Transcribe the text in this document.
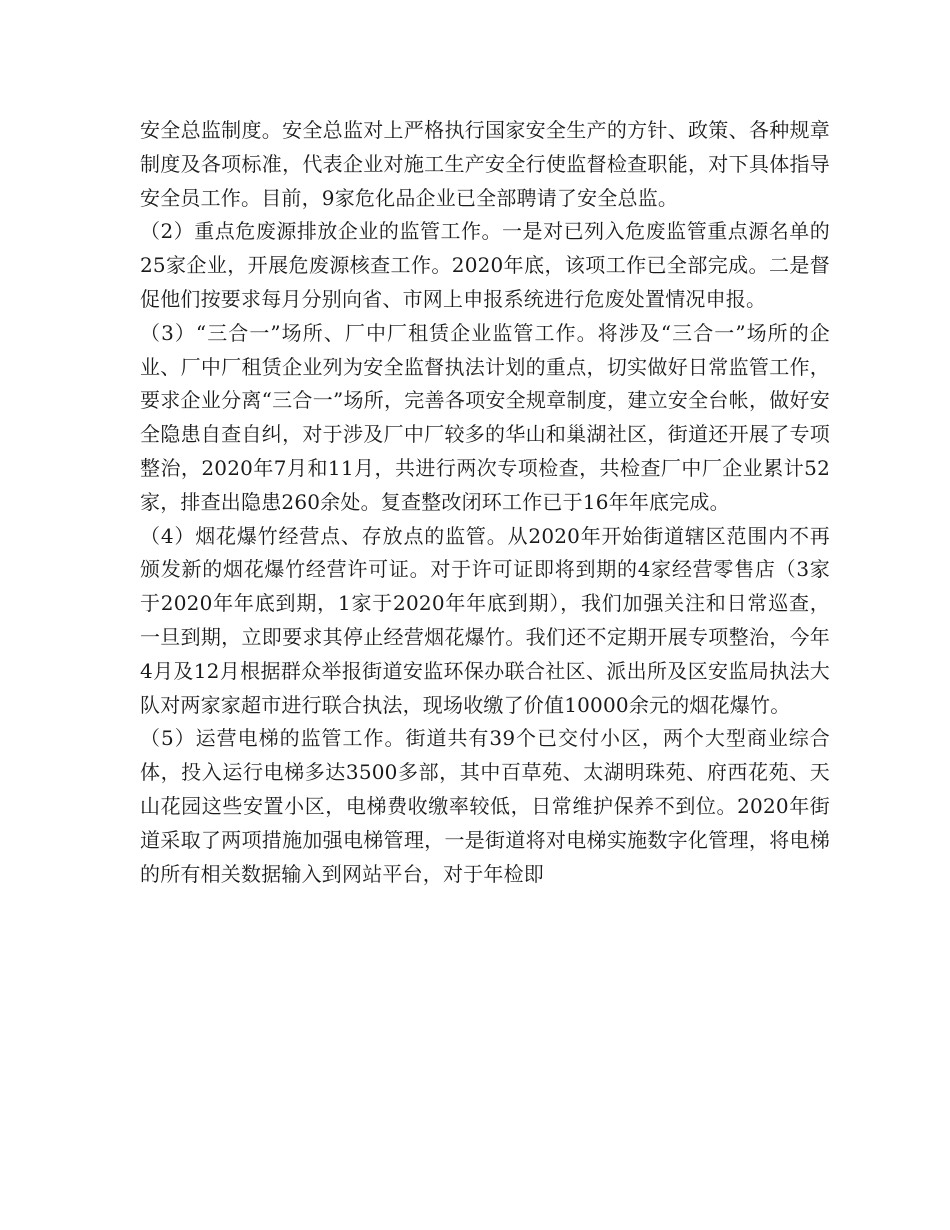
安全总监制度。安全总监对上严格执行国家安全生产的方针、政策、各种规章制度及各项标准，代表企业对施工生产安全行使监督检查职能，对下具体指导安全员工作。目前，9家危化品企业已全部聘请了安全总监。

（2）重点危废源排放企业的监管工作。一是对已列入危废监管重点源名单的25家企业，开展危废源核查工作。2020年底，该项工作已全部完成。二是督促他们按要求每月分别向省、市网上申报系统进行危废处置情况申报。

（3）“三合一”场所、厂中厂租赁企业监管工作。将涉及“三合一”场所的企业、厂中厂租赁企业列为安全监督执法计划的重点，切实做好日常监管工作，要求企业分离“三合一”场所，完善各项安全规章制度，建立安全台帐，做好安全隐患自查自纠，对于涉及厂中厂较多的华山和巢湖社区，街道还开展了专项整治，2020年7月和11月，共进行两次专项检查，共检查厂中厂企业累计52家，排查出隐患260余处。复查整改闭环工作已于16年年底完成。

（4）烟花爆竹经营点、存放点的监管。从2020年开始街道辖区范围内不再颁发新的烟花爆竹经营许可证。对于许可证即将到期的4家经营零售店（3家于2020年年底到期，1家于2020年年底到期），我们加强关注和日常巡查，一旦到期，立即要求其停止经营烟花爆竹。我们还不定期开展专项整治，今年4月及12月根据群众举报街道安监环保办联合社区、派出所及区安监局执法大队对两家家超市进行联合执法，现场收缴了价值10000余元的烟花爆竹。

（5）运营电梯的监管工作。街道共有39个已交付小区，两个大型商业综合体，投入运行电梯多达3500多部，其中百草苑、太湖明珠苑、府西花苑、天山花园这些安置小区，电梯费收缴率较低，日常维护保养不到位。2020年街道采取了两项措施加强电梯管理，一是街道将对电梯实施数字化管理，将电梯的所有相关数据输入到网站平台，对于年检即
